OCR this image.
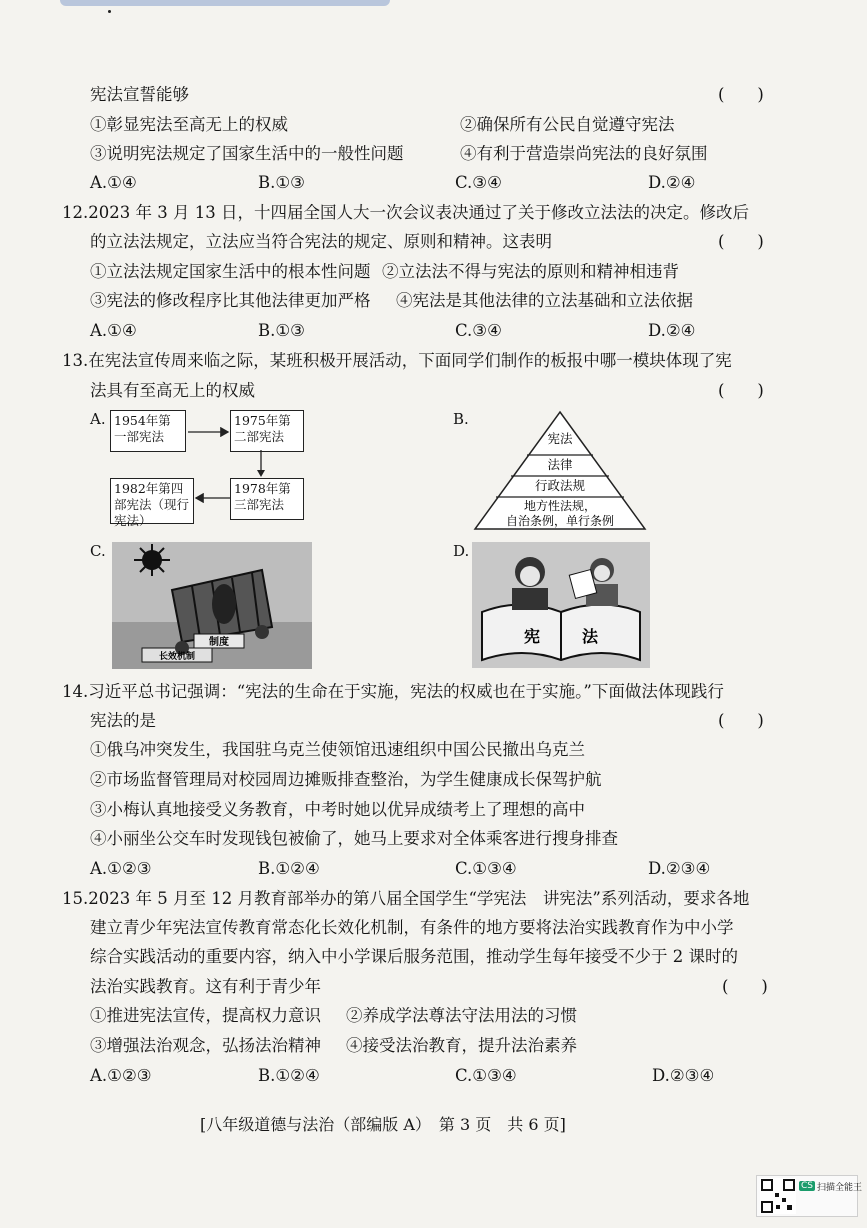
宪法宣誓能够	(　　)
①彰显宪法至高无上的权威	②确保所有公民自觉遵守宪法
③说明宪法规定了国家生活中的一般性问题	④有利于营造崇尚宪法的良好氛围
A.①④	B.①③	C.③④	D.②④
12.2023 年 3 月 13 日，十四届全国人大一次会议表决通过了关于修改立法法的决定。修改后
的立法法规定，立法应当符合宪法的规定、原则和精神。这表明	(　　)
①立法法规定国家生活中的根本性问题 ②立法法不得与宪法的原则和精神相违背
③宪法的修改程序比其他法律更加严格 ④宪法是其他法律的立法基础和立法依据
A.①④	B.①③	C.③④	D.②④
13.在宪法宣传周来临之际，某班积极开展活动，下面同学们制作的板报中哪一模块体现了宪
法具有至高无上的权威	(　　)
A. 1954年第一部宪法
1975年第二部宪法
1978年第三部宪法
1982年第四部宪法（现行宪法）
B.
宪法
法律
行政法规
地方性法规，
自治条例，单行条例
C.
制度
长效机制
D.
宪	法
14.习近平总书记强调：“宪法的生命在于实施，宪法的权威也在于实施。”下面做法体现践行
宪法的是	(　　)
①俄乌冲突发生，我国驻乌克兰使领馆迅速组织中国公民撤出乌克兰
②市场监督管理局对校园周边摊贩排查整治，为学生健康成长保驾护航
③小梅认真地接受义务教育，中考时她以优异成绩考上了理想的高中
④小丽坐公交车时发现钱包被偷了，她马上要求对全体乘客进行搜身排查
A.①②③	B.①②④	C.①③④	D.②③④
15.2023 年 5 月至 12 月教育部举办的第八届全国学生“学宪法　讲宪法”系列活动，要求各地
建立青少年宪法宣传教育常态化长效化机制，有条件的地方要将法治实践教育作为中小学
综合实践活动的重要内容，纳入中小学课后服务范围，推动学生每年接受不少于 2 课时的
法治实践教育。这有利于青少年	(　　)
①推进宪法宣传，提高权力意识 ②养成学法尊法守法用法的习惯
③增强法治观念，弘扬法治精神 ④接受法治教育，提升法治素养
A.①②③	B.①②④	C.①③④	D.②③④
[八年级道德与法治（部编版 A）　第 3 页　共 6 页]
CS 扫描全能王
